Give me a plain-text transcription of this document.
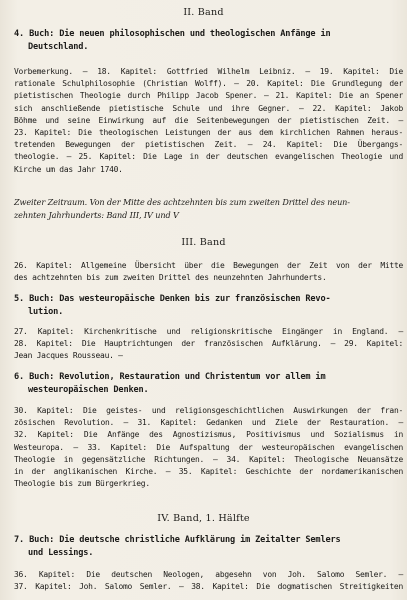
II. Band
4. Buch: Die neuen philosophischen und theologischen Anfänge in
Deutschland.
Vorbemerkung. — 18. Kapitel: Gottfried Wilhelm Leibniz. — 19. Kapitel: Die
rationale Schulphilosophie (Christian Wolff). — 20. Kapitel: Die Grundlegung der
pietistischen Theologie durch Philipp Jacob Spener. — 21. Kapitel: Die an Spener
sich anschließende pietistische Schule und ihre Gegner. — 22. Kapitel: Jakob
Böhme und seine Einwirkung auf die Seitenbewegungen der pietistischen Zeit. —
23. Kapitel: Die theologischen Leistungen der aus dem kirchlichen Rahmen heraus-
tretenden Bewegungen der pietistischen Zeit. — 24. Kapitel: Die Übergangs-
theologie. — 25. Kapitel: Die Lage in der deutschen evangelischen Theologie und
Kirche um das Jahr 1740.
Zweiter Zeitraum. Von der Mitte des achtzehnten bis zum zweiten Drittel des neun-
zehnten Jahrhunderts: Band III, IV und V
III. Band
26. Kapitel: Allgemeine Übersicht über die Bewegungen der Zeit von der Mitte
des achtzehnten bis zum zweiten Drittel des neunzehnten Jahrhunderts.
5. Buch: Das westeuropäische Denken bis zur französischen Revo-
lution.
27. Kapitel: Kirchenkritische und religionskritische Eingänger in England. —
28. Kapitel: Die Hauptrichtungen der französischen Aufklärung. — 29. Kapitel:
Jean Jacques Rousseau. —
6. Buch: Revolution, Restauration und Christentum vor allem im
westeuropäischen Denken.
30. Kapitel: Die geistes- und religionsgeschichtlichen Auswirkungen der fran-
zösischen Revolution. — 31. Kapitel: Gedanken und Ziele der Restauration. —
32. Kapitel: Die Anfänge des Agnostizismus, Positivismus und Sozialismus in
Westeuropa. — 33. Kapitel: Die Aufspaltung der westeuropäischen evangelischen
Theologie in gegensätzliche Richtungen. — 34. Kapitel: Theologische Neuansätze
in der anglikanischen Kirche. — 35. Kapitel: Geschichte der nordamerikanischen
Theologie bis zum Bürgerkrieg.
IV. Band, 1. Hälfte
7. Buch: Die deutsche christliche Aufklärung im Zeitalter Semlers
und Lessings.
36. Kapitel: Die deutschen Neologen, abgesehn von Joh. Salomo Semler. —
37. Kapitel: Joh. Salomo Semler. — 38. Kapitel: Die dogmatischen Streitigkeiten
